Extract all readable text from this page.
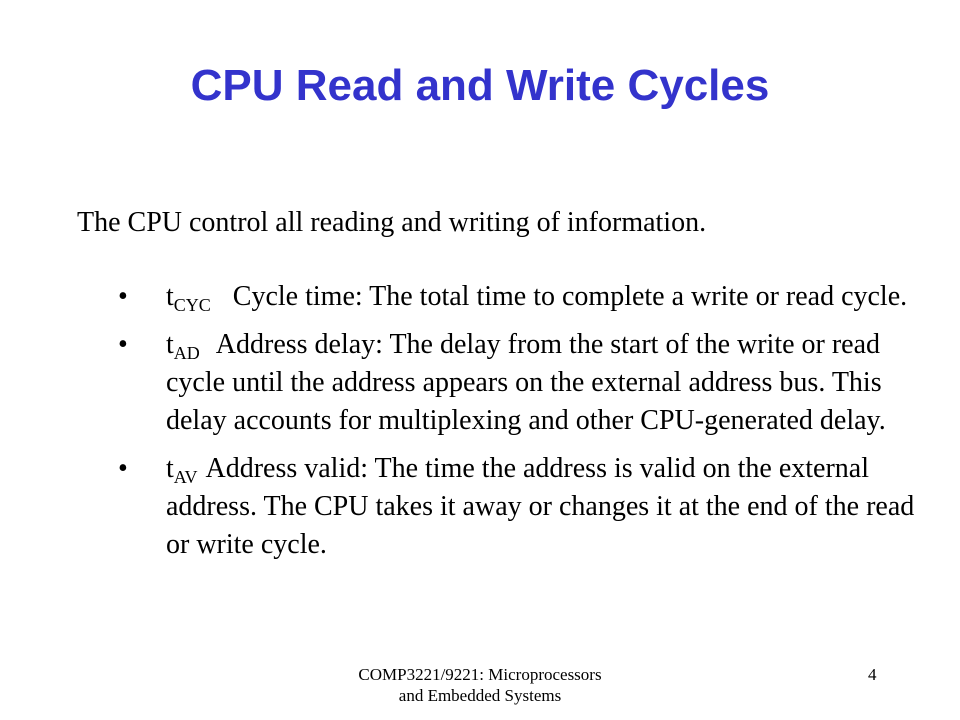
CPU Read and Write Cycles

The CPU control all reading and writing of information.

• $t_{CYC}$ Cycle time: The total time to complete a write or read cycle.
• $t_{AD}$ Address delay: The delay from the start of the write or read cycle until the address appears on the external address bus. This delay accounts for multiplexing and other CPU-generated delay.
• $t_{AV}$ Address valid: The time the address is valid on the external address. The CPU takes it away or changes it at the end of the read or write cycle.
COMP3221/9221: Microprocessors
and Embedded Systems
4
